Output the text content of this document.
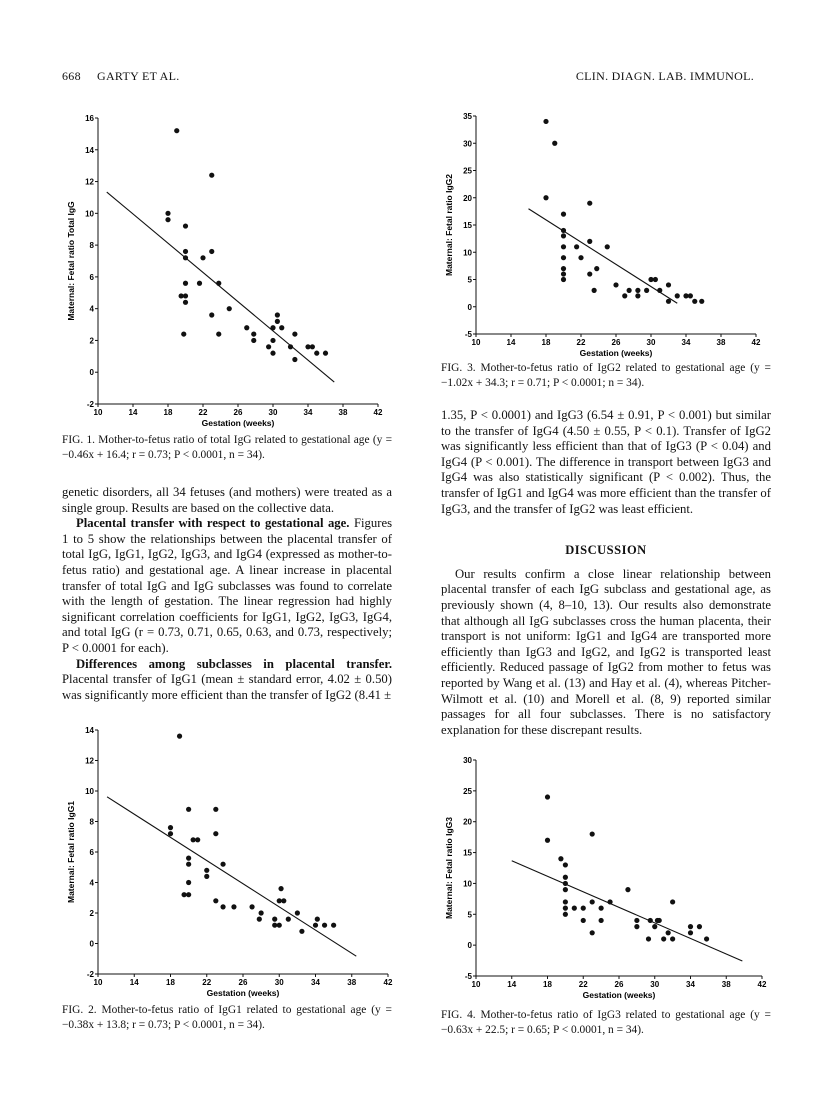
668 GARTY ET AL.	CLIN. DIAGN. LAB. IMMUNOL.
10	14	18	22	26	30	34	38	42
-2
0
2
4
6
8
10
12
14
16
Gestation (weeks)
Maternal: Fetal ratio Total IgG
FIG. 1. Mother-to-fetus ratio of total IgG related to gestational age (y = −0.46x + 16.4; r = 0.73; P < 0.0001, n = 34).
10	14	18	22	26	30	34	38	42
-5
0
5
10
15
20
25
30
35
Gestation (weeks)
Maternal: Fetal ratio IgG2
FIG. 3. Mother-to-fetus ratio of IgG2 related to gestational age (y = −1.02x + 34.3; r = 0.71; P < 0.0001; n = 34).

genetic disorders, all 34 fetuses (and mothers) were treated as a single group. Results are based on the collective data.

Placental transfer with respect to gestational age. Figures 1 to 5 show the relationships between the placental transfer of total IgG, IgG1, IgG2, IgG3, and IgG4 (expressed as mother-to-fetus ratio) and gestational age. A linear increase in placental transfer of total IgG and IgG subclasses was found to correlate with the length of gestation. The linear regression had highly significant correlation coefficients for IgG1, IgG2, IgG3, IgG4, and total IgG (r = 0.73, 0.71, 0.65, 0.63, and 0.73, respectively; P < 0.0001 for each).

Differences among subclasses in placental transfer. Placental transfer of IgG1 (mean ± standard error, 4.02 ± 0.50) was significantly more efficient than the transfer of IgG2 (8.41 ±

1.35, P < 0.0001) and IgG3 (6.54 ± 0.91, P < 0.001) but similar to the transfer of IgG4 (4.50 ± 0.55, P < 0.1). Transfer of IgG2 was significantly less efficient than that of IgG3 (P < 0.04) and IgG4 (P < 0.001). The difference in transport between IgG3 and IgG4 was also statistically significant (P < 0.002). Thus, the transfer of IgG1 and IgG4 was more efficient than the transfer of IgG3, and the transfer of IgG2 was least efficient.

DISCUSSION

Our results confirm a close linear relationship between placental transfer of each IgG subclass and gestational age, as previously shown (4, 8–10, 13). Our results also demonstrate that although all IgG subclasses cross the human placenta, their transport is not uniform: IgG1 and IgG4 are transported more efficiently than IgG3 and IgG2, and IgG2 is transported least efficiently. Reduced passage of IgG2 from mother to fetus was reported by Wang et al. (13) and Hay et al. (4), whereas Pitcher-Wilmott et al. (10) and Morell et al. (8, 9) reported similar passages for all four subclasses. There is no satisfactory explanation for these discrepant results.

10	14	18	22	26	30	34	38	42
-2
0
2
4
6
8
10
12
14
Gestation (weeks)
Maternal: Fetal ratio IgG1
FIG. 2. Mother-to-fetus ratio of IgG1 related to gestational age (y = −0.38x + 13.8; r = 0.73; P < 0.0001, n = 34).
10	14	18	22	26	30	34	38	42
-5
0
5
10
15
20
25
30
Gestation (weeks)
Maternal: Fetal ratio IgG3
FIG. 4. Mother-to-fetus ratio of IgG3 related to gestational age (y = −0.63x + 22.5; r = 0.65; P < 0.0001, n = 34).
